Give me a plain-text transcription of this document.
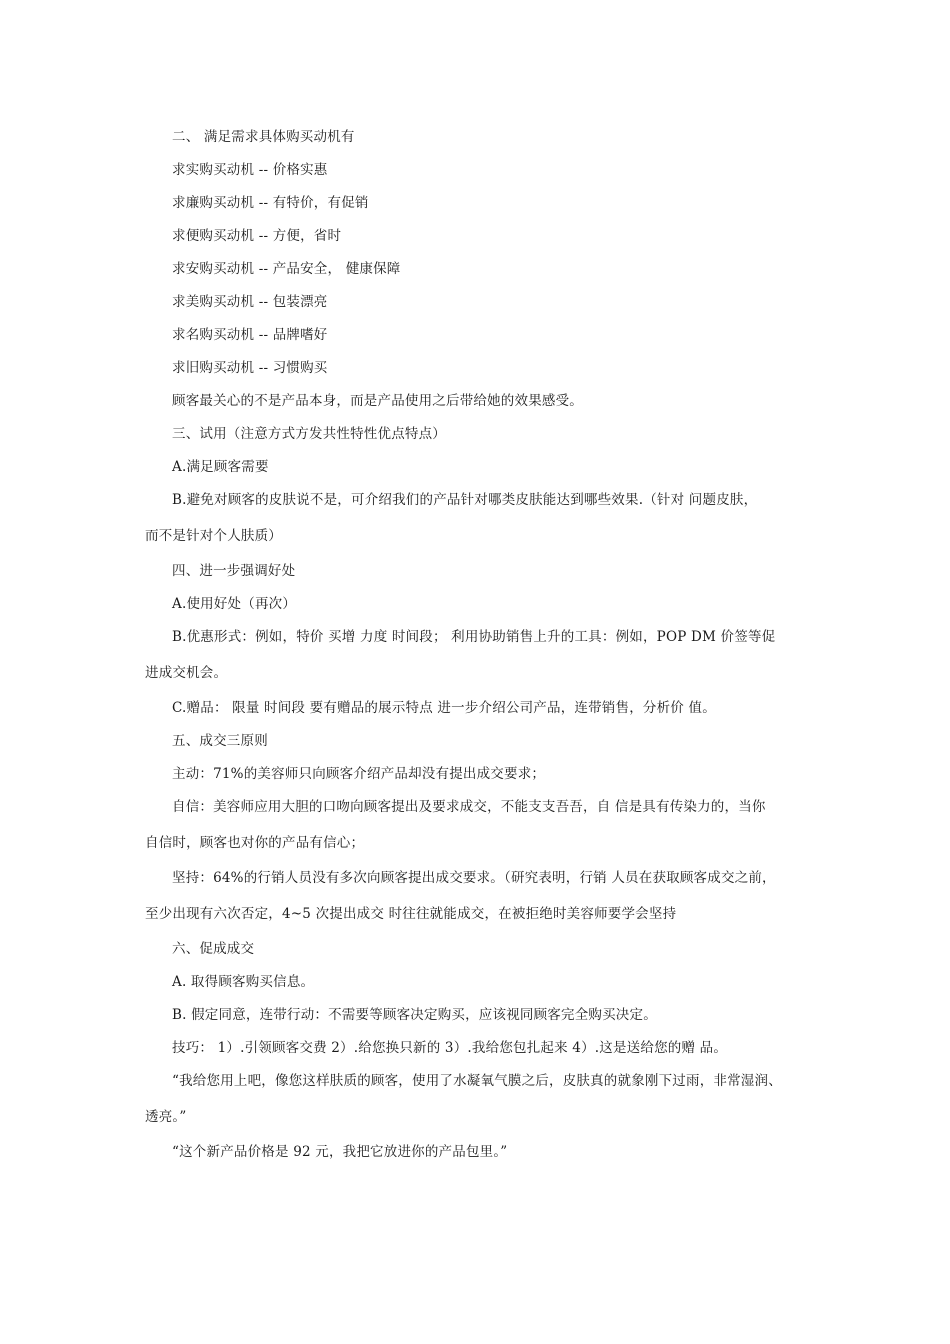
二、 满足需求具体购买动机有

求实购买动机 -- 价格实惠

求廉购买动机 -- 有特价，有促销

求便购买动机 -- 方便，省时

求安购买动机 -- 产品安全， 健康保障

求美购买动机 -- 包装漂亮

求名购买动机 -- 品牌嗜好

求旧购买动机 -- 习惯购买

顾客最关心的不是产品本身，而是产品使用之后带给她的效果感受。

三、试用（注意方式方发共性特性优点特点）

A.满足顾客需要

B.避免对顾客的皮肤说不是，可介绍我们的产品针对哪类皮肤能达到哪些效果.（针对 问题皮肤，

而不是针对个人肤质）

四、进一步强调好处

A.使用好处（再次）

B.优惠形式：例如，特价 买增 力度 时间段； 利用协助销售上升的工具：例如，POP DM 价签等促

进成交机会。

C.赠品： 限量 时间段 要有赠品的展示特点 进一步介绍公司产品，连带销售，分析价 值。

五、成交三原则

主动：71%的美容师只向顾客介绍产品却没有提出成交要求；

自信：美容师应用大胆的口吻向顾客提出及要求成交，不能支支吾吾，自 信是具有传染力的，当你

自信时，顾客也对你的产品有信心；

坚持：64%的行销人员没有多次向顾客提出成交要求。（研究表明，行销 人员在获取顾客成交之前，

至少出现有六次否定，4~5 次提出成交 时往往就能成交，在被拒绝时美容师要学会坚持

六、促成成交

A. 取得顾客购买信息。

B. 假定同意，连带行动：不需要等顾客决定购买，应该视同顾客完全购买决定。

技巧： 1）.引领顾客交费 2）.给您换只新的 3）.我给您包扎起来 4）.这是送给您的赠 品。

“我给您用上吧，像您这样肤质的顾客，使用了水凝氧气膜之后，皮肤真的就象刚下过雨，非常湿润、

透亮。”

“这个新产品价格是 92 元，我把它放进你的产品包里。”
